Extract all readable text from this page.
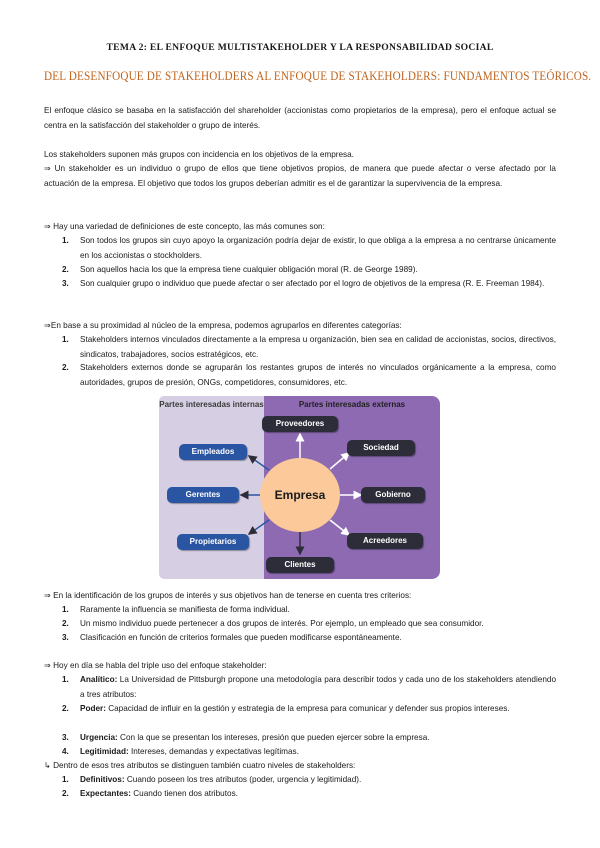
TEMA 2: EL ENFOQUE MULTISTAKEHOLDER Y LA RESPONSABILIDAD SOCIAL
DEL DESENFOQUE DE STAKEHOLDERS AL ENFOQUE DE STAKEHOLDERS: FUNDAMENTOS TEÓRICOS.
El enfoque clásico se basaba en la satisfacción del shareholder (accionistas como propietarios de la empresa), pero el enfoque actual se centra en la satisfacción del stakeholder o grupo de interés.
Los stakeholders suponen más grupos con incidencia en los objetivos de la empresa.
⇒ Un stakeholder es un individuo o grupo de ellos que tiene objetivos propios, de manera que puede afectar o verse afectado por la actuación de la empresa. El objetivo que todos los grupos deberían admitir es el de garantizar la supervivencia de la empresa.
⇒ Hay una variedad de definiciones de este concepto, las más comunes son:
1.	Son todos los grupos sin cuyo apoyo la organización podría dejar de existir, lo que obliga a la empresa a no centrarse únicamente en los accionistas o stockholders.
2.	Son aquellos hacia los que la empresa tiene cualquier obligación moral (R. de George 1989).
3.	Son cualquier grupo o individuo que puede afectar o ser afectado por el logro de objetivos de la empresa (R. E. Freeman 1984).
⇒En base a su proximidad al núcleo de la empresa, podemos agruparlos en diferentes categorías:
1.	Stakeholders internos vinculados directamente a la empresa u organización, bien sea en calidad de accionistas, socios, directivos, sindicatos, trabajadores, socios estratégicos, etc.
2.	Stakeholders externos donde se agruparán los restantes grupos de interés no vinculados orgánicamente a la empresa, como autoridades, grupos de presión, ONGs, competidores, consumidores, etc.
Partes interesadas internas	Partes interesadas externas
Empleados
Gerentes
Propietarios
Proveedores
Sociedad
Gobierno
Acreedores
Clientes
Empresa
⇒ En la identificación de los grupos de interés y sus objetivos han de tenerse en cuenta tres criterios:
1.	Raramente la influencia se manifiesta de forma individual.
2.	Un mismo individuo puede pertenecer a dos grupos de interés. Por ejemplo, un empleado que sea consumidor.
3.	Clasificación en función de criterios formales que pueden modificarse espontáneamente.
⇒ Hoy en día se habla del triple uso del enfoque stakeholder:
1.	Analítico: La Universidad de Pittsburgh propone una metodología para describir todos y cada uno de los stakeholders atendiendo a tres atributos:
2.	Poder: Capacidad de influir en la gestión y estrategia de la empresa para comunicar y defender sus propios intereses.
3.	Urgencia: Con la que se presentan los intereses, presión que pueden ejercer sobre la empresa.
4.	Legitimidad: Intereses, demandas y expectativas legítimas.
↳ Dentro de esos tres atributos se distinguen también cuatro niveles de stakeholders:
1.	Definitivos: Cuando poseen los tres atributos (poder, urgencia y legitimidad).
2.	Expectantes: Cuando tienen dos atributos.
